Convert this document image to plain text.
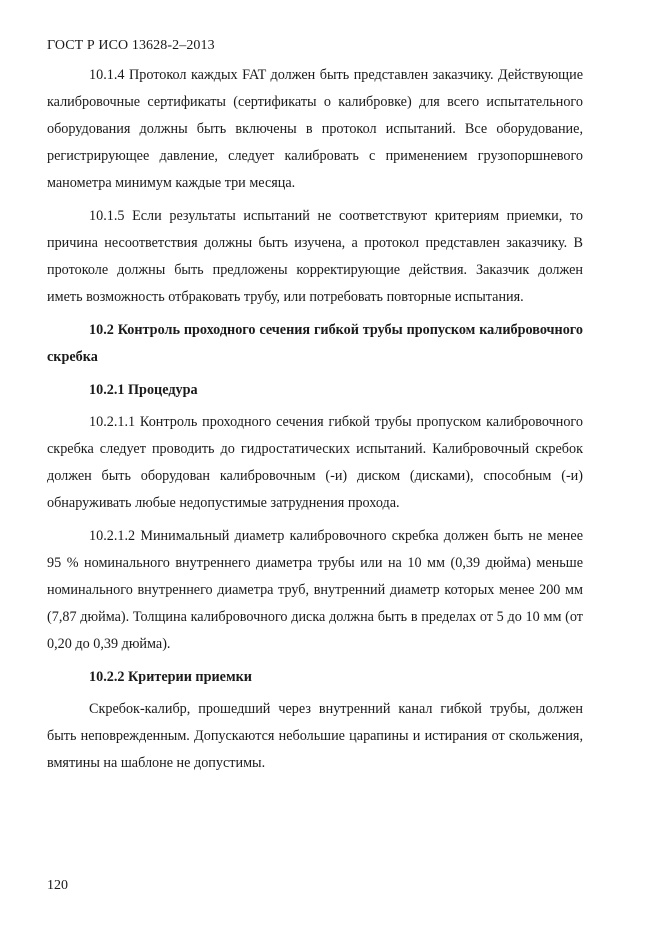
ГОСТ Р ИСО 13628-2–2013

10.1.4 Протокол каждых FAT должен быть представлен заказчику. Действующие калибровочные сертификаты (сертификаты о калибровке) для всего испытательного оборудования должны быть включены в протокол испытаний. Все оборудование, регистрирующее давление, следует калибровать с применением грузопоршневого манометра минимум каждые три месяца.

10.1.5 Если результаты испытаний не соответствуют критериям приемки, то причина несоответствия должны быть изучена, а протокол представлен заказчику. В протоколе должны быть предложены корректирующие действия. Заказчик должен иметь возможность отбраковать трубу, или потребовать повторные испытания.

10.2 Контроль проходного сечения гибкой трубы пропуском калибровочного скребка

10.2.1 Процедура

10.2.1.1 Контроль проходного сечения гибкой трубы пропуском калибровочного скребка следует проводить до гидростатических испытаний. Калибровочный скребок должен быть оборудован калибровочным (-и) диском (дисками), способным (-и) обнаруживать любые недопустимые затруднения прохода.

10.2.1.2 Минимальный диаметр калибровочного скребка должен быть не менее 95 % номинального внутреннего диаметра трубы или на 10 мм (0,39 дюйма) меньше номинального внутреннего диаметра труб, внутренний диаметр которых менее 200 мм (7,87 дюйма). Толщина калибровочного диска должна быть в пределах от 5 до 10 мм (от 0,20 до 0,39 дюйма).

10.2.2 Критерии приемки

Скребок-калибр, прошедший через внутренний канал гибкой трубы, должен быть неповрежденным. Допускаются небольшие царапины и истирания от скольжения, вмятины на шаблоне не допустимы.

120
